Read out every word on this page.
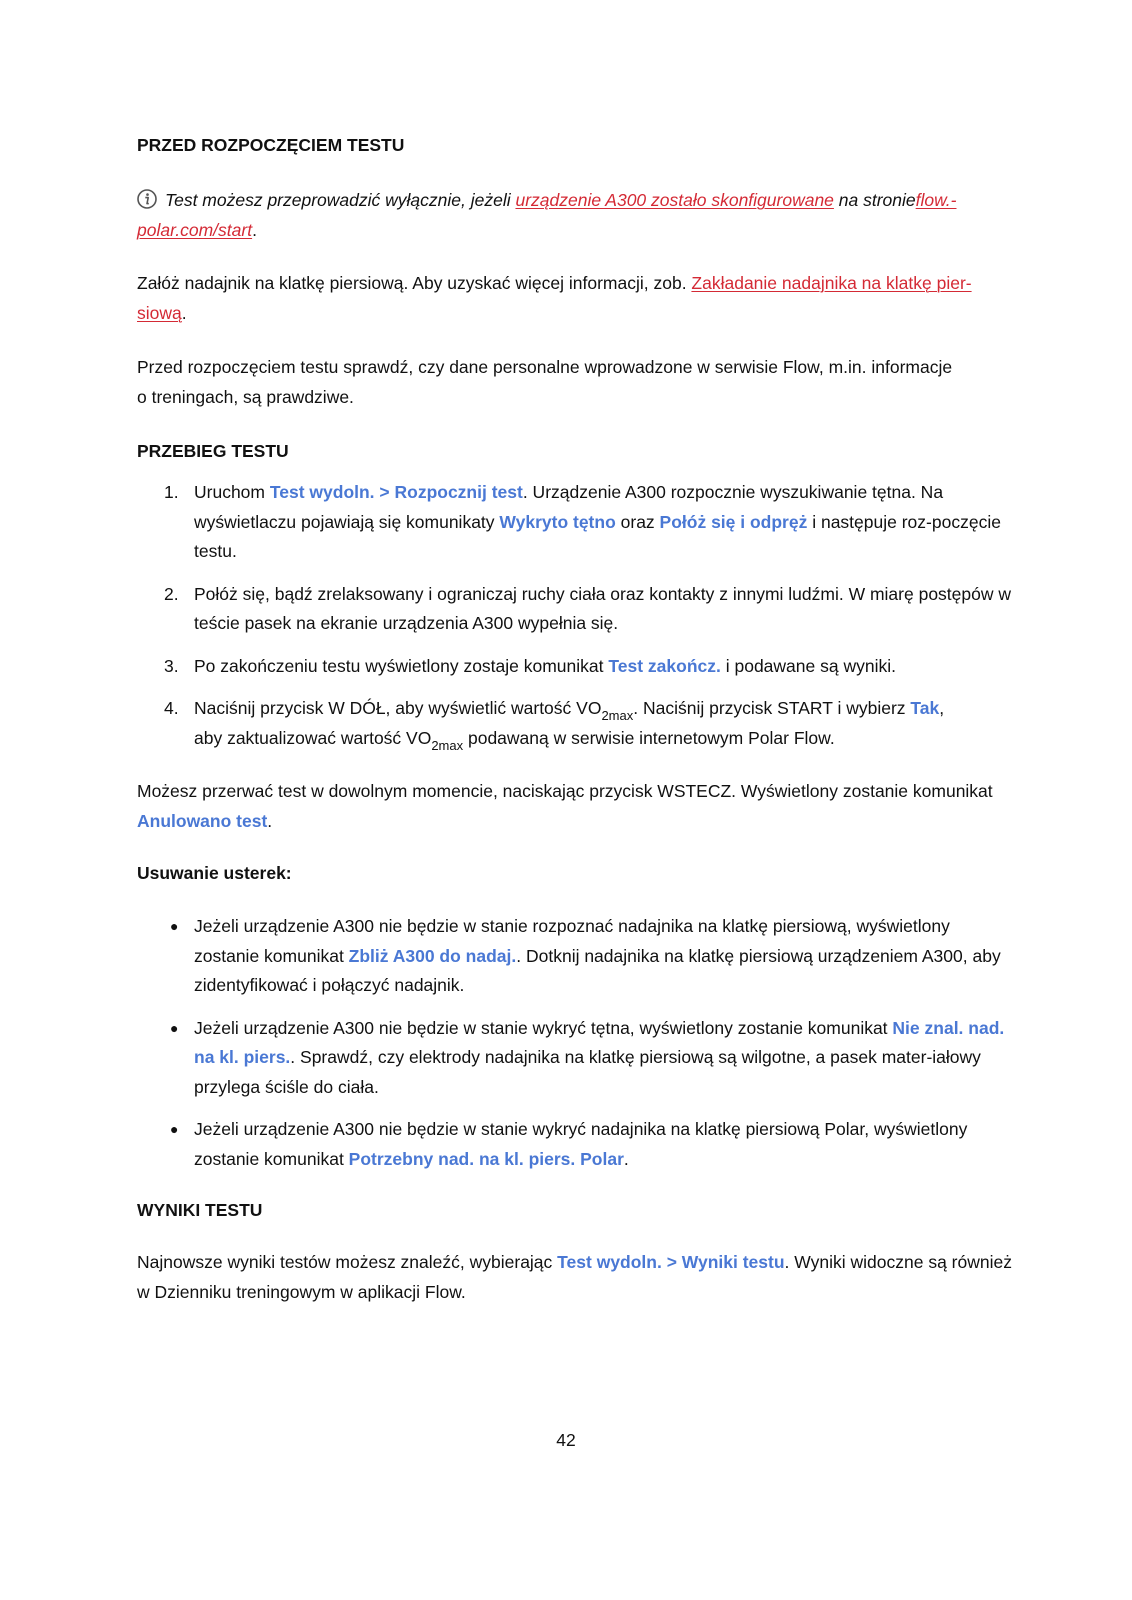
PRZED ROZPOCZĘCIEM TESTU

Test możesz przeprowadzić wyłącznie, jeżeli urządzenie A300 zostało skonfigurowane na stronieflow.-
polar.com/start.

Załóż nadajnik na klatkę piersiową. Aby uzyskać więcej informacji, zob. Zakładanie nadajnika na klatkę pier-
siową.

Przed rozpoczęciem testu sprawdź, czy dane personalne wprowadzone w serwisie Flow, m.in. informacje
o treningach, są prawdziwe.

PRZEBIEG TESTU
1. Uruchom Test wydoln. > Rozpocznij test. Urządzenie A300 rozpocznie wyszukiwanie tętna. Na wyświetlaczu pojawiają się komunikaty Wykryto tętno oraz Połóż się i odpręż i następuje roz-poczęcie testu.
2. Połóż się, bądź zrelaksowany i ograniczaj ruchy ciała oraz kontakty z innymi ludźmi. W miarę postępów w teście pasek na ekranie urządzenia A300 wypełnia się.
3. Po zakończeniu testu wyświetlony zostaje komunikat Test zakończ. i podawane są wyniki.
4. Naciśnij przycisk W DÓŁ, aby wyświetlić wartość $VO_{2max}$. Naciśnij przycisk START i wybierz Tak,
aby zaktualizować wartość $VO_{2max}$ podawaną w serwisie internetowym Polar Flow.

Możesz przerwać test w dowolnym momencie, naciskając przycisk WSTECZ. Wyświetlony zostanie komunikat Anulowano test.

Usuwanie usterek:
● Jeżeli urządzenie A300 nie będzie w stanie rozpoznać nadajnika na klatkę piersiową, wyświetlony zostanie komunikat Zbliż A300 do nadaj.. Dotknij nadajnika na klatkę piersiową urządzeniem A300, aby zidentyfikować i połączyć nadajnik.
● Jeżeli urządzenie A300 nie będzie w stanie wykryć tętna, wyświetlony zostanie komunikat Nie znal. nad. na kl. piers.. Sprawdź, czy elektrody nadajnika na klatkę piersiową są wilgotne, a pasek mater-iałowy przylega ściśle do ciała.
● Jeżeli urządzenie A300 nie będzie w stanie wykryć nadajnika na klatkę piersiową Polar, wyświetlony zostanie komunikat Potrzebny nad. na kl. piers. Polar.
WYNIKI TESTU

Najnowsze wyniki testów możesz znaleźć, wybierając Test wydoln. > Wyniki testu. Wyniki widoczne są również w Dzienniku treningowym w aplikacji Flow.

42
